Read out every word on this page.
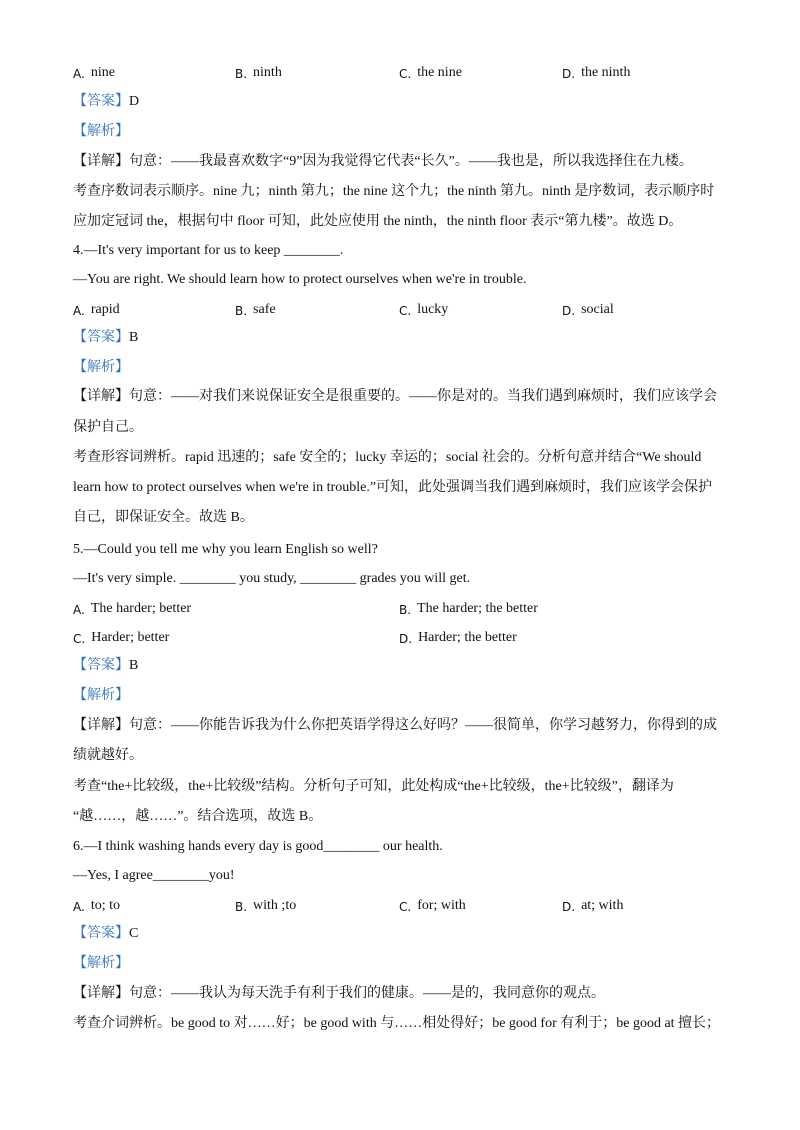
A. nine	B. ninth	C. the nine	D. the ninth
【答案】D
【解析】
【详解】句意：——我最喜欢数字“9”因为我觉得它代表“长久”。——我也是，所以我选择住在九楼。
考查序数词表示顺序。nine 九；ninth 第九；the nine 这个九；the ninth 第九。ninth 是序数词，表示顺序时
应加定冠词 the，根据句中 floor 可知，此处应使用 the ninth，the ninth floor 表示“第九楼”。故选 D。
4.—It's very important for us to keep ________.
—You are right. We should learn how to protect ourselves when we're in trouble.
A. rapid	B. safe	C. lucky	D. social
【答案】B
【解析】
【详解】句意：——对我们来说保证安全是很重要的。——你是对的。当我们遇到麻烦时，我们应该学会
保护自己。
考查形容词辨析。rapid 迅速的；safe 安全的；lucky 幸运的；social 社会的。分析句意并结合“We should
learn how to protect ourselves when we're in trouble.”可知，此处强调当我们遇到麻烦时，我们应该学会保护
自己，即保证安全。故选 B。
5.—Could you tell me why you learn English so well?
—It's very simple. ________ you study, ________ grades you will get.
A. The harder; better	B. The harder; the better
C. Harder; better	D. Harder; the better
【答案】B
【解析】
【详解】句意：——你能告诉我为什么你把英语学得这么好吗？——很简单，你学习越努力，你得到的成
绩就越好。
考查“the+比较级，the+比较级”结构。分析句子可知，此处构成“the+比较级，the+比较级”，翻译为
“越……，越……”。结合选项，故选 B。
6.—I think washing hands every day is good________ our health.
—Yes, I agree________you!
A. to; to	B. with ;to	C. for; with	D. at; with
【答案】C
【解析】
【详解】句意：——我认为每天洗手有利于我们的健康。——是的，我同意你的观点。
考查介词辨析。be good to 对……好；be good with 与……相处得好；be good for 有利于；be good at 擅长；
